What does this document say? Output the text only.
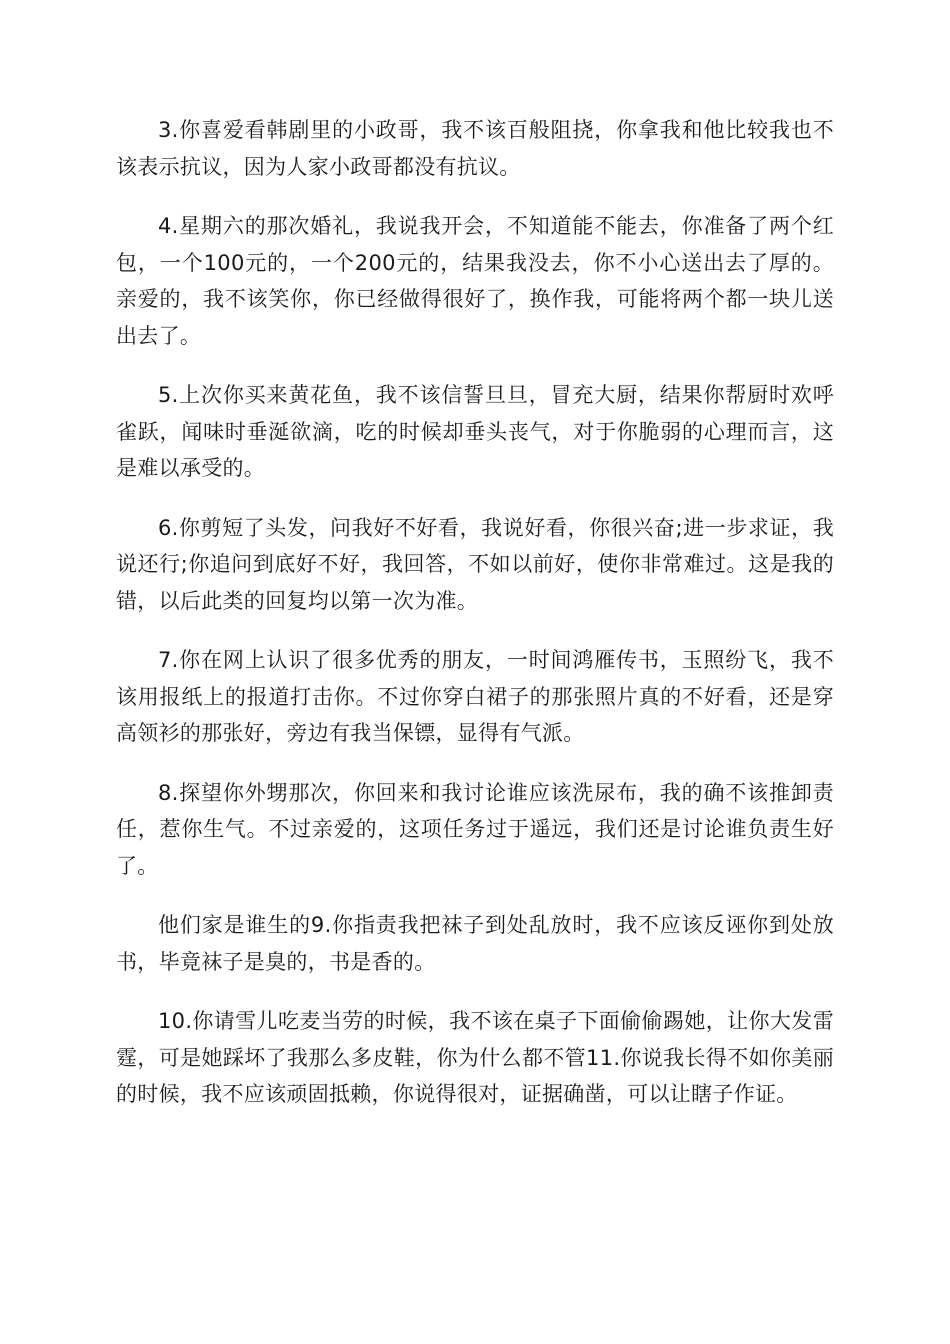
3.你喜爱看韩剧里的小政哥，我不该百般阻挠，你拿我和他比较我也不该表示抗议，因为人家小政哥都没有抗议。

4.星期六的那次婚礼，我说我开会，不知道能不能去，你准备了两个红包，一个100元的，一个200元的，结果我没去，你不小心送出去了厚的。亲爱的，我不该笑你，你已经做得很好了，换作我，可能将两个都一块儿送出去了。

5.上次你买来黄花鱼，我不该信誓旦旦，冒充大厨，结果你帮厨时欢呼雀跃，闻味时垂涎欲滴，吃的时候却垂头丧气，对于你脆弱的心理而言，这是难以承受的。

6.你剪短了头发，问我好不好看，我说好看，你很兴奋;进一步求证，我说还行;你追问到底好不好，我回答，不如以前好，使你非常难过。这是我的错，以后此类的回复均以第一次为准。

7.你在网上认识了很多优秀的朋友，一时间鸿雁传书，玉照纷飞，我不该用报纸上的报道打击你。不过你穿白裙子的那张照片真的不好看，还是穿高领衫的那张好，旁边有我当保镖，显得有气派。

8.探望你外甥那次，你回来和我讨论谁应该洗尿布，我的确不该推卸责任，惹你生气。不过亲爱的，这项任务过于遥远，我们还是讨论谁负责生好了。

他们家是谁生的9.你指责我把袜子到处乱放时，我不应该反诬你到处放书，毕竟袜子是臭的，书是香的。

10.你请雪儿吃麦当劳的时候，我不该在桌子下面偷偷踢她，让你大发雷霆，可是她踩坏了我那么多皮鞋，你为什么都不管11.你说我长得不如你美丽的时候，我不应该顽固抵赖，你说得很对，证据确凿，可以让瞎子作证。
